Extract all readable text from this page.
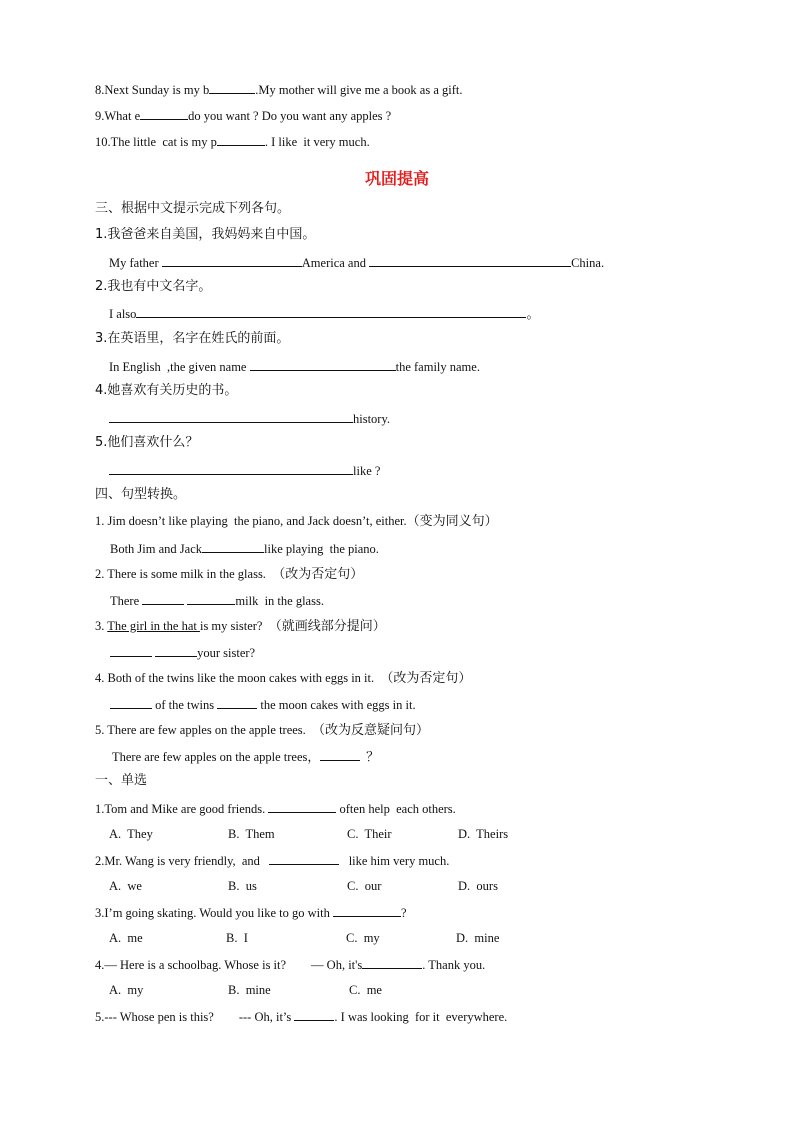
8.Next Sunday is my b	.My mother will give me a book as a gift.
9.What e	do you want ? Do you want any apples ?
10.The little  cat is my p	. I like  it very much.
巩固提高
三、根据中文提示完成下列各句。
1.我爸爸来自美国，我妈妈来自中国。
My father	America and	China.
2.我也有中文名字。
I also	。
3.在英语里，名字在姓氏的前面。
In English  ,the given name	the family name.
4.她喜欢有关历史的书。
history.
5.他们喜欢什么？
like ?
四、句型转换。
1. Jim doesn’t like playing  the piano, and Jack doesn’t, either.（变为同义句）
Both Jim and Jack	like playing  the piano.
2. There is some milk in the glass. （改为否定句）
There	milk  in the glass.
3. The girl in the hat is my sister? （就画线部分提问）
your sister?
4. Both of the twins like the moon cakes with eggs in it. （改为否定句）
of the twins	the moon cakes with eggs in it.
5. There are few apples on the apple trees. （改为反意疑问句）
There are few apples on the apple trees，	？
一、单选
1.Tom and Mike are good friends.	often help  each others.
A.  They	B.  Them	C.  Their	D.  Theirs
2.Mr. Wang is very friendly,  and	like him very much.
A.  we	B.  us	C.  our	D.  ours
3.I’m going skating. Would you like to go with	?
A.  me	B.  I	C.  my	D.  mine
4.— Here is a schoolbag. Whose is it? — Oh, it's	. Thank you.
A.  my	B.  mine	C.  me
5.--- Whose pen is this? --- Oh, it’s	. I was looking  for it  everywhere.
